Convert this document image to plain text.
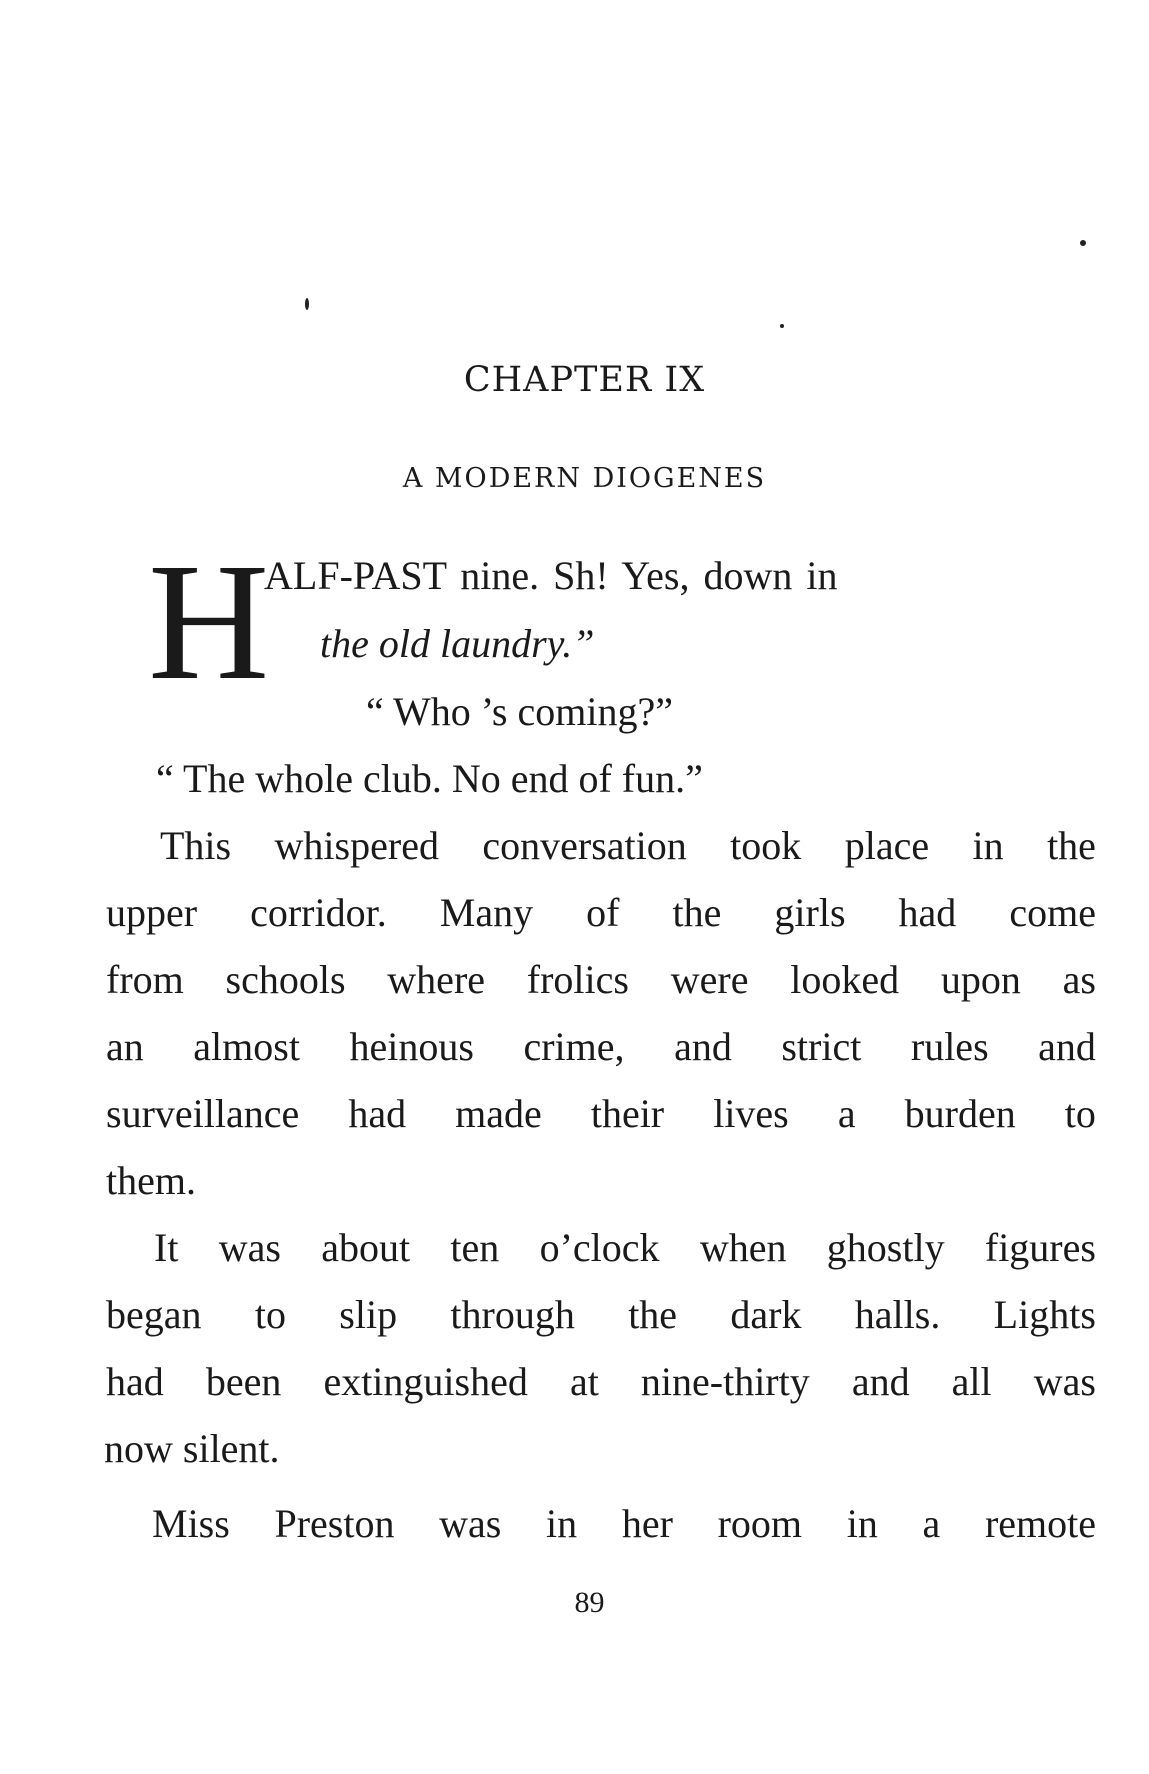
CHAPTER IX
A MODERN DIOGENES
H
ALF-PAST nine. Sh! Yes, down in
the old laundry.”
“ Who ’s coming?”
“ The whole club. No end of fun.”
This whispered conversation took place in the
upper corridor. Many of the girls had come
from schools where frolics were looked upon as
an almost heinous crime, and strict rules and
surveillance had made their lives a burden to
them.
It was about ten o’clock when ghostly figures
began to slip through the dark halls. Lights
had been extinguished at nine-thirty and all was
now silent.
Miss Preston was in her room in a remote
89
